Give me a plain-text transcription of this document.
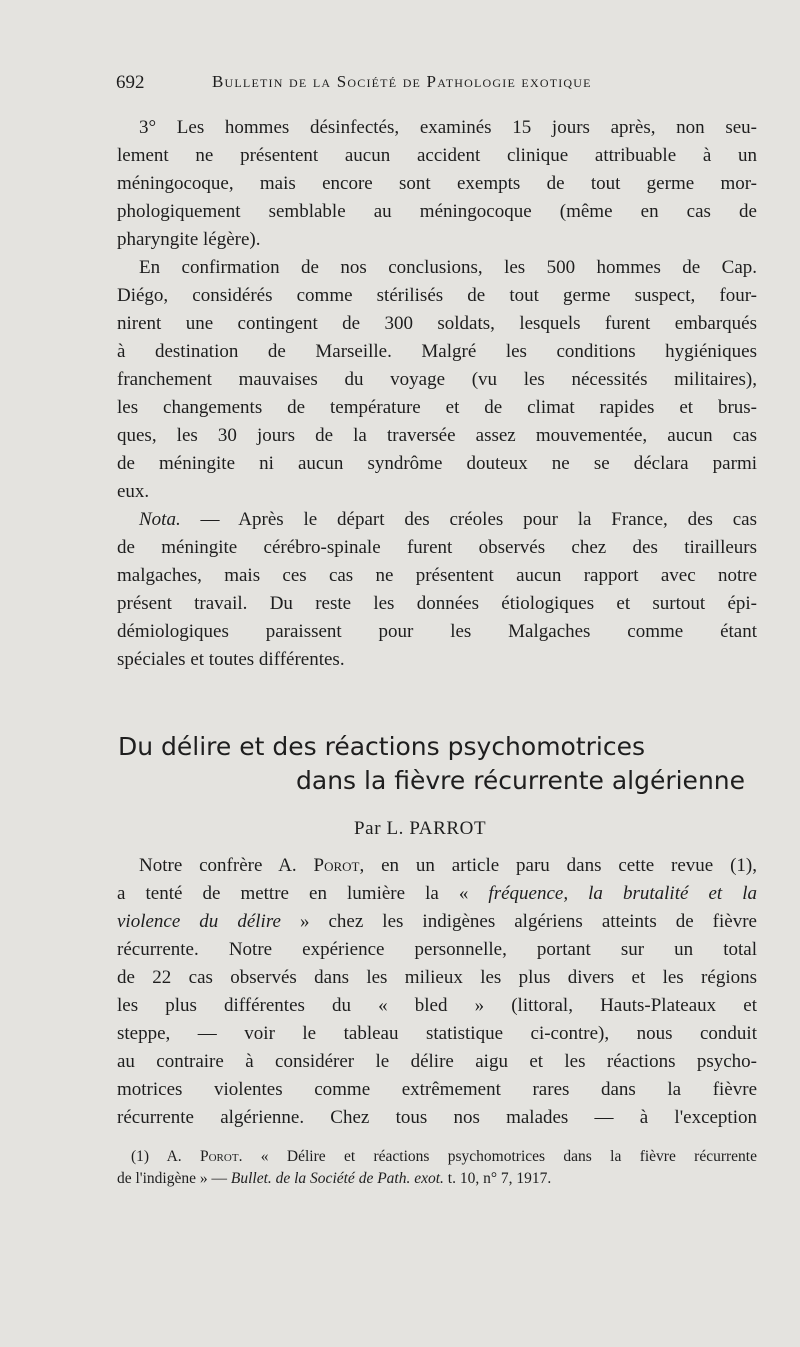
692	Bulletin de la Société de Pathologie exotique
3° Les hommes désinfectés, examinés 15 jours après, non seu-
lement ne présentent aucun accident clinique attribuable à un
méningocoque, mais encore sont exempts de tout germe mor-
phologiquement semblable au méningocoque (même en cas de
pharyngite légère).
En confirmation de nos conclusions, les 500 hommes de Cap.
Diégo, considérés comme stérilisés de tout germe suspect, four-
nirent une contingent de 300 soldats, lesquels furent embarqués
à destination de Marseille. Malgré les conditions hygiéniques
franchement mauvaises du voyage (vu les nécessités militaires),
les changements de température et de climat rapides et brus-
ques, les 30 jours de la traversée assez mouvementée, aucun cas
de méningite ni aucun syndrôme douteux ne se déclara parmi
eux.
Nota. — Après le départ des créoles pour la France, des cas
de méningite cérébro-spinale furent observés chez des tirailleurs
malgaches, mais ces cas ne présentent aucun rapport avec notre
présent travail. Du reste les données étiologiques et surtout épi-
démiologiques paraissent pour les Malgaches comme étant
spéciales et toutes différentes.
Du délire et des réactions psychomotrices
dans la fièvre récurrente algérienne
Par L. PARROT
Notre confrère A. Porot, en un article paru dans cette revue (1),
a tenté de mettre en lumière la « fréquence, la brutalité et la
violence du délire » chez les indigènes algériens atteints de fièvre
récurrente. Notre expérience personnelle, portant sur un total
de 22 cas observés dans les milieux les plus divers et les régions
les plus différentes du « bled » (littoral, Hauts-Plateaux et
steppe, — voir le tableau statistique ci-contre), nous conduit
au contraire à considérer le délire aigu et les réactions psycho-
motrices violentes comme extrêmement rares dans la fièvre
récurrente algérienne. Chez tous nos malades — à l'exception
(1) A. Porot. « Délire et réactions psychomotrices dans la fièvre récurrente
de l'indigène » — Bullet. de la Société de Path. exot. t. 10, n° 7, 1917.
